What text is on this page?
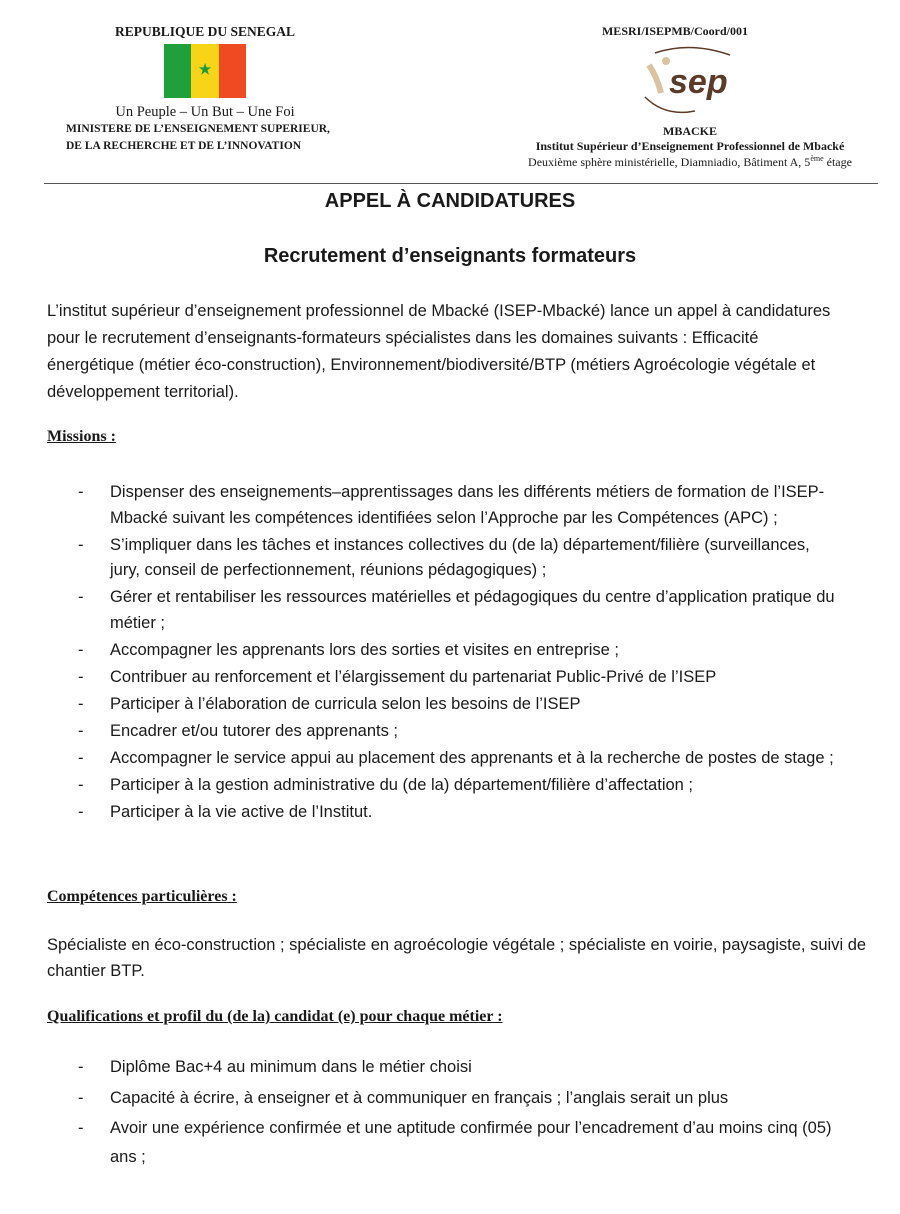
REPUBLIQUE DU SENEGAL
★
Un Peuple – Un But – Une Foi
MINISTERE DE L’ENSEIGNEMENT SUPERIEUR,
DE LA RECHERCHE ET DE L’INNOVATION
MESRI/ISEPMB/Coord/001
sep
MBACKE
Institut Supérieur d’Enseignement Professionnel de Mbacké
Deuxième sphère ministérielle, Diamniadio, Bâtiment A, 5ème étage
APPEL À CANDIDATURES
Recrutement d’enseignants formateurs
L’institut supérieur d’enseignement professionnel de Mbacké (ISEP-Mbacké) lance un appel à candidatures pour le recrutement d’enseignants-formateurs spécialistes dans les domaines suivants : Efficacité énergétique (métier éco-construction), Environnement/biodiversité/BTP (métiers Agroécologie végétale et développement territorial).
Missions :
- Dispenser des enseignements–apprentissages dans les différents métiers de formation de l’ISEP-Mbacké suivant les compétences identifiées selon l’Approche par les Compétences (APC) ;
- S’impliquer dans les tâches et instances collectives du (de la) département/filière (surveillances, jury, conseil de perfectionnement, réunions pédagogiques) ;
- Gérer et rentabiliser les ressources matérielles et pédagogiques du centre d’application pratique du métier ;
- Accompagner les apprenants lors des sorties et visites en entreprise ;
- Contribuer au renforcement et l’élargissement du partenariat Public-Privé de l’ISEP
- Participer à l’élaboration de curricula selon les besoins de l’ISEP
- Encadrer et/ou tutorer des apprenants ;
- Accompagner le service appui au placement des apprenants et à la recherche de postes de stage ;
- Participer à la gestion administrative du (de la) département/filière d’affectation ;
- Participer à la vie active de l’Institut.
Compétences particulières :
Spécialiste en éco-construction ; spécialiste en agroécologie végétale ; spécialiste en voirie, paysagiste, suivi de chantier BTP.
Qualifications et profil du (de la) candidat (e) pour chaque métier :
- Diplôme Bac+4 au minimum dans le métier choisi
- Capacité à écrire, à enseigner et à communiquer en français ; l’anglais serait un plus
- Avoir une expérience confirmée et une aptitude confirmée pour l’encadrement d’au moins cinq (05) ans ;
